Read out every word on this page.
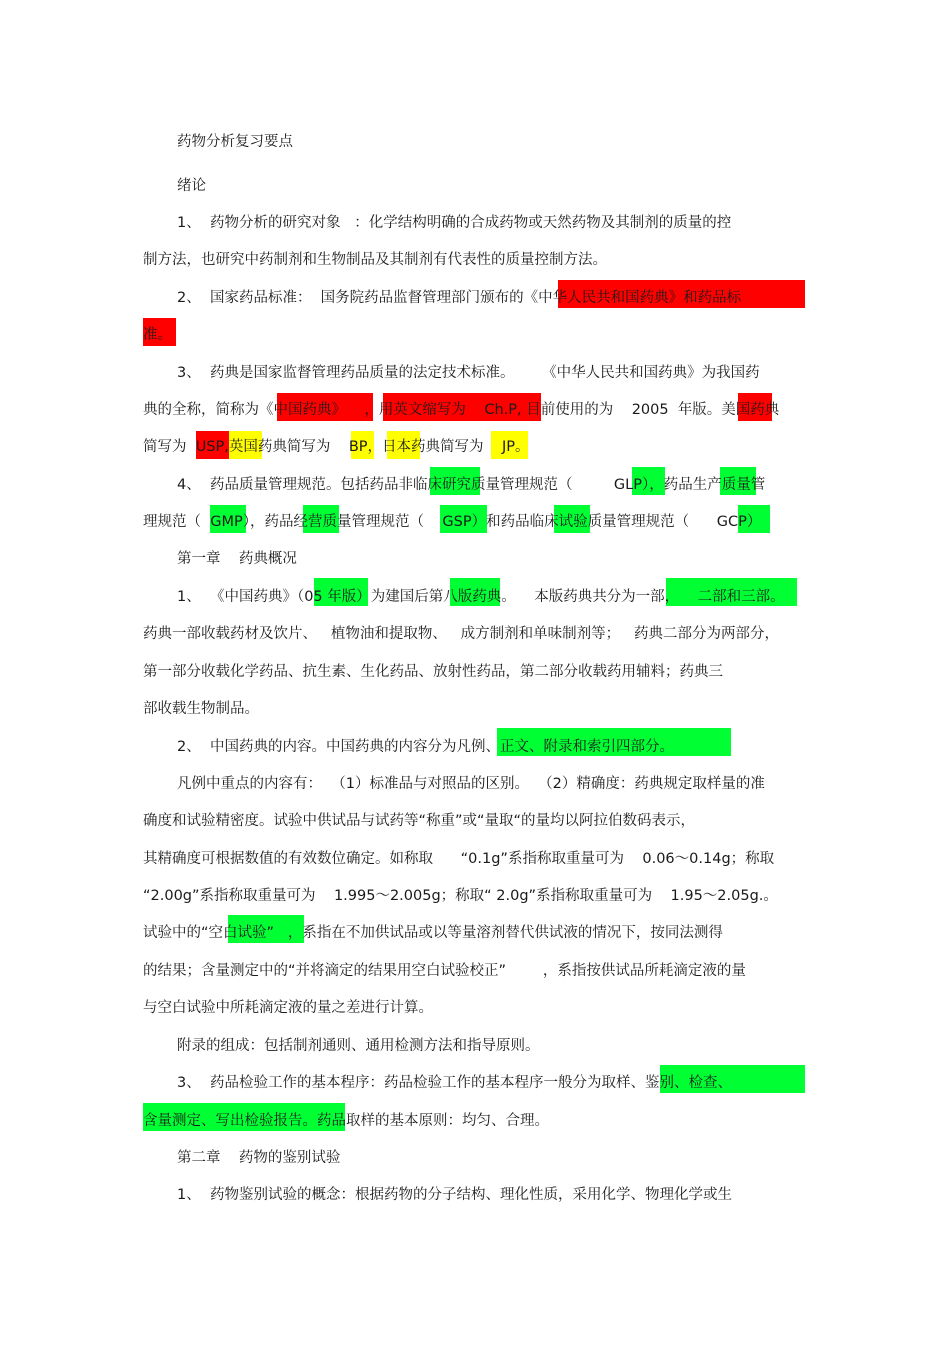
药物分析复习要点
绪论
1、  药物分析的研究对象   ：化学结构明确的合成药物或天然药物及其制剂的质量的控
制方法，也研究中药制剂和生物制品及其制剂有代表性的质量控制方法。
2、  国家药品标准：  国务院药品监督管理部门颁布的《中华人民共和国药典》和药品标
准。
3、  药典是国家监督管理药品质量的法定技术标准。      《中华人民共和国药典》为我国药
典的全称，简称为《中国药典》    ，用英文缩写为    Ch.P, 目前使用的为    2005  年版。美国药典
简写为  USP,英国药典简写为    BP，日本药典简写为    JP。
4、  药品质量管理规范。包括药品非临床研究质量管理规范（         GLP），药品生产质量管
理规范（  GMP），药品经营质量管理规范（    GSP）和药品临床试验质量管理规范（      GCP）
第一章    药典概况
1、  《中国药典》（05 年版）为建国后第八版药典。    本版药典共分为一部，    二部和三部。
药典一部收载药材及饮片、   植物油和提取物、   成方制剂和单味制剂等；   药典二部分为两部分，
第一部分收载化学药品、抗生素、生化药品、放射性药品，第二部分收载药用辅料；药典三
部收载生物制品。
2、  中国药典的内容。中国药典的内容分为凡例、正文、附录和索引四部分。
凡例中重点的内容有：  （1）标准品与对照品的区别。  （2）精确度：药典规定取样量的准
确度和试验精密度。试验中供试品与试药等“称重”或“量取“的量均以阿拉伯数码表示，
其精确度可根据数值的有效数位确定。如称取      “0.1g”系指称取重量可为    0.06～0.14g；称取
“2.00g”系指称取重量可为    1.995～2.005g；称取“ 2.0g”系指称取重量可为    1.95～2.05g.。
试验中的“空白试验”   ，系指在不加供试品或以等量溶剂替代供试液的情况下，按同法测得
的结果；含量测定中的“并将滴定的结果用空白试验校正”        ，系指按供试品所耗滴定液的量
与空白试验中所耗滴定液的量之差进行计算。
附录的组成：包括制剂通则、通用检测方法和指导原则。
3、  药品检验工作的基本程序：药品检验工作的基本程序一般分为取样、鉴别、检查、
含量测定、写出检验报告。药品取样的基本原则：均匀、合理。
第二章    药物的鉴别试验
1、  药物鉴别试验的概念：根据药物的分子结构、理化性质，采用化学、物理化学或生
